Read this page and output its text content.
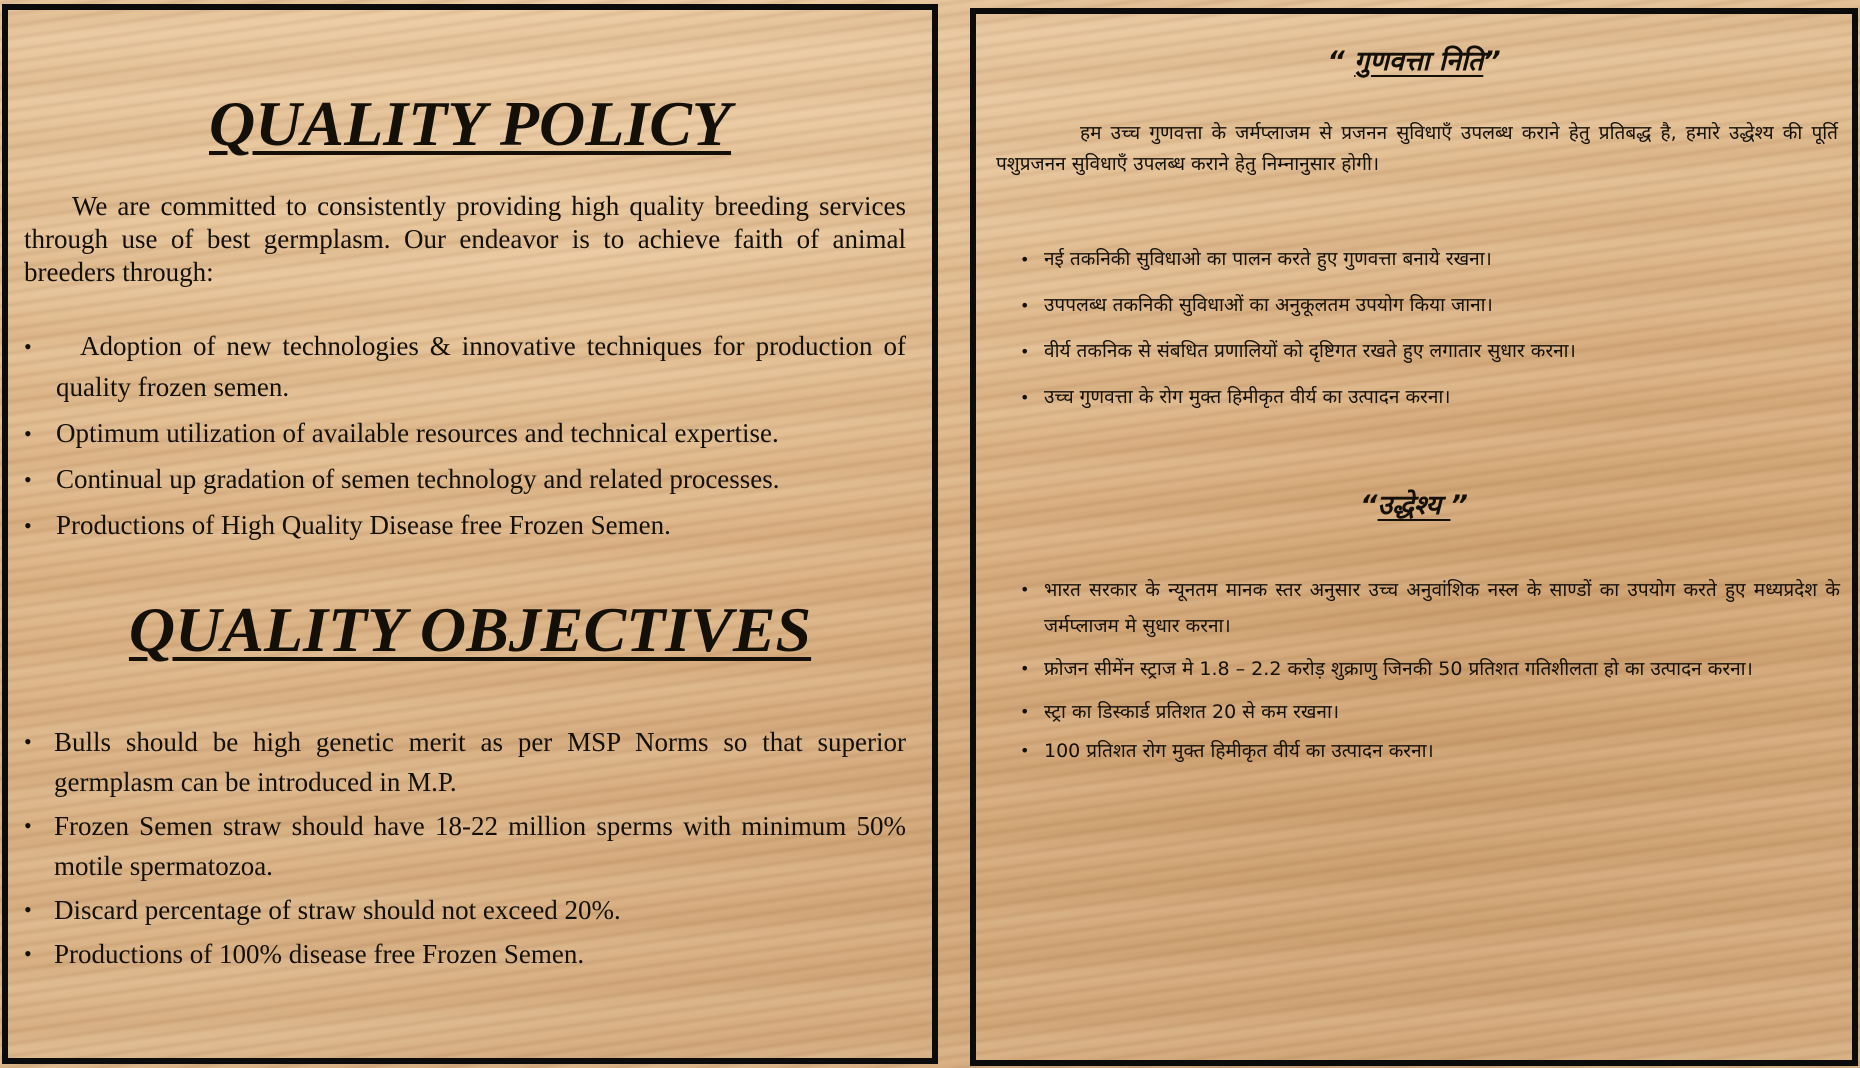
QUALITY POLICY

We are committed to consistently providing high quality breeding services through use of best germplasm. Our endeavor is to achieve faith of animal breeders through:

• Adoption of new technologies & innovative techniques for production of quality frozen semen.
• Optimum utilization of available resources and technical expertise.
• Continual up gradation of semen technology and related processes.
• Productions of High Quality Disease free Frozen Semen.
QUALITY OBJECTIVES
• Bulls should be high genetic merit as per MSP Norms so that superior germplasm can be introduced in M.P.
• Frozen Semen straw should have 18-22 million sperms with minimum 50% motile spermatozoa.
• Discard percentage of straw should not exceed 20%.
• Productions of 100% disease free Frozen Semen.
“ गुणवत्ता निति”

हम उच्च गुणवत्ता के जर्मप्लाजम से प्रजनन सुविधाएँ उपलब्ध कराने हेतु प्रतिबद्ध है, हमारे उद्धेश्य की पूर्ति पशुप्रजनन सुविधाएँ उपलब्ध कराने हेतु निम्नानुसार होगी।

• नई तकनिकी सुविधाओ का पालन करते हुए गुणवत्ता बनाये रखना।
• उपपलब्ध तकनिकी सुविधाओं का अनुकूलतम उपयोग किया जाना।
• वीर्य तकनिक से संबधित प्रणालियों को दृष्टिगत रखते हुए लगातार सुधार करना।
• उच्च गुणवत्ता के रोग मुक्त हिमीकृत वीर्य का उत्पादन करना।
“उद्धेश्य ”
• भारत सरकार के न्यूनतम मानक स्तर अनुसार उच्च अनुवांशिक नस्ल के साण्डों का उपयोग करते हुए मध्यप्रदेश के जर्मप्लाजम मे सुधार करना।
• फ्रोजन सीमेंन स्ट्राज मे 1.8 – 2.2 करोड़ शुक्राणु जिनकी 50 प्रतिशत गतिशीलता हो का उत्पादन करना।
• स्ट्रा का डिस्कार्ड प्रतिशत 20 से कम रखना।
• 100 प्रतिशत रोग मुक्त हिमीकृत वीर्य का उत्पादन करना।
